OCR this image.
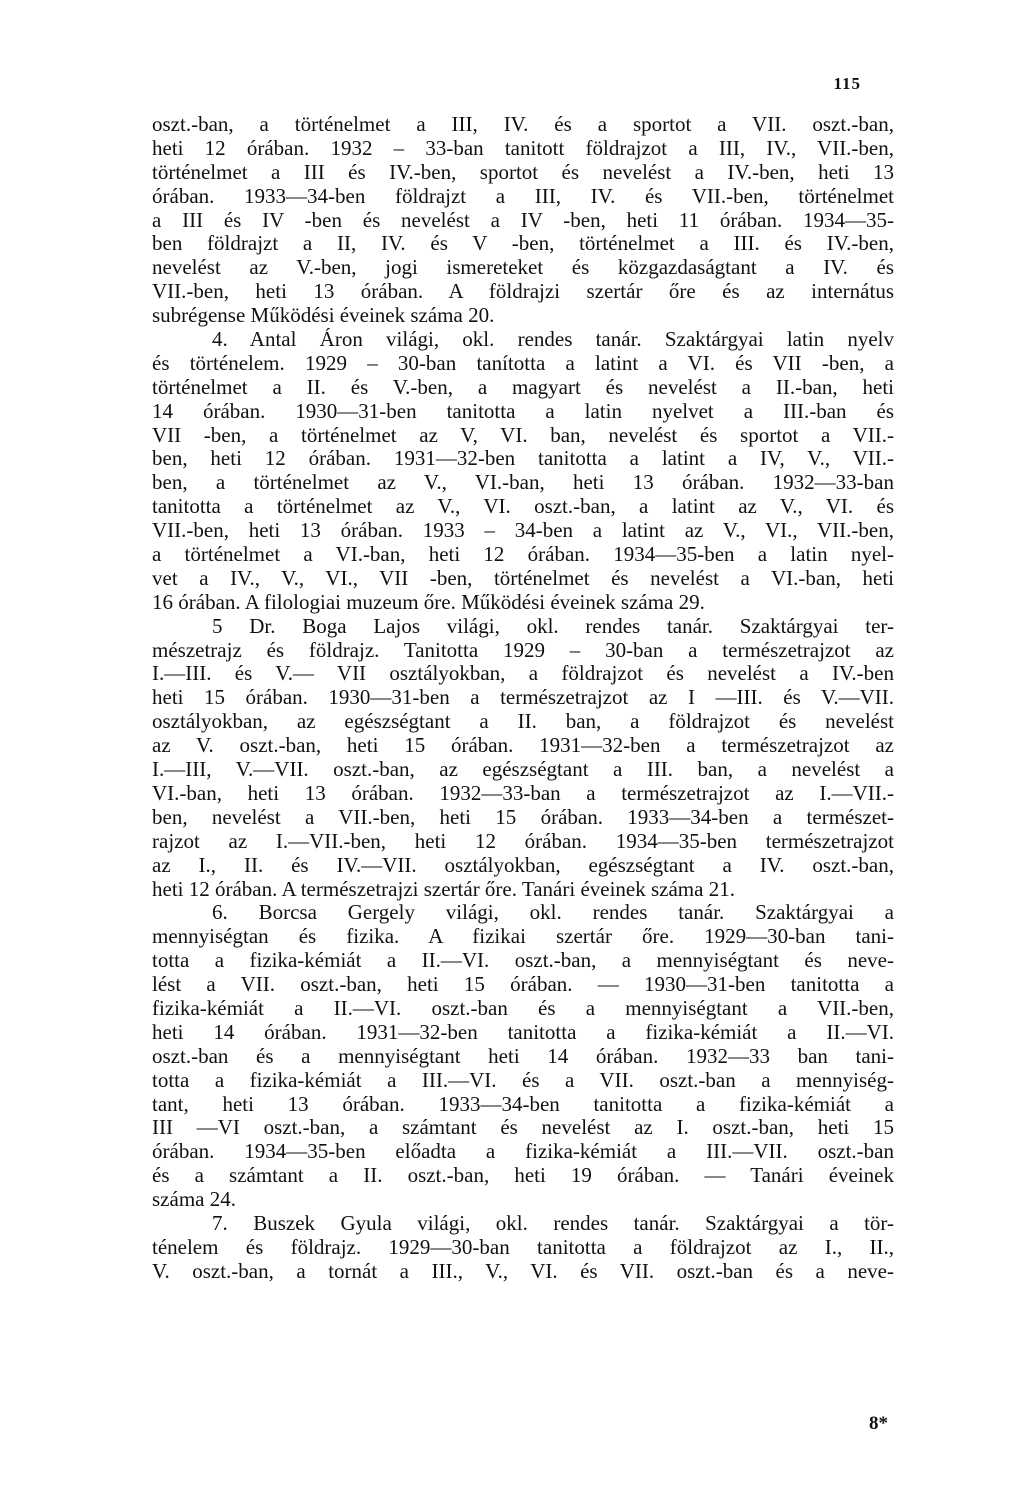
115
oszt.-ban, a történelmet a III, IV. és a sportot a VII. oszt.-ban,
heti 12 órában. 1932 – 33-ban tanitott földrajzot a III, IV., VII.-ben,
történelmet a III és IV.-ben, sportot és nevelést a IV.-ben, heti 13
órában. 1933—34-ben földrajzt a III, IV. és VII.-ben, történelmet
a III és IV -ben és nevelést a IV -ben, heti 11 órában. 1934—35-
ben földrajzt a II, IV. és V -ben, történelmet a III. és IV.-ben,
nevelést az V.-ben, jogi ismereteket és közgazdaságtant a IV. és
VII.-ben, heti 13 órában. A földrajzi szertár őre és az internátus
subrégense Működési éveinek száma 20.
4. Antal Áron világi, okl. rendes tanár. Szaktárgyai latin nyelv
és történelem. 1929 – 30-ban tanította a latint a VI. és VII -ben, a
történelmet a II. és V.-ben, a magyart és nevelést a II.-ban, heti
14 órában. 1930—31-ben tanitotta a latin nyelvet a III.-ban és
VII -ben, a történelmet az V, VI. ban, nevelést és sportot a VII.-
ben, heti 12 órában. 1931—32-ben tanitotta a latint a IV, V., VII.-
ben, a történelmet az V., VI.-ban, heti 13 órában. 1932—33-ban
tanitotta a történelmet az V., VI. oszt.-ban, a latint az V., VI. és
VII.-ben, heti 13 órában. 1933 – 34-ben a latint az V., VI., VII.-ben,
a történelmet a VI.-ban, heti 12 órában. 1934—35-ben a latin nyel-
vet a IV., V., VI., VII -ben, történelmet és nevelést a VI.-ban, heti
16 órában. A filologiai muzeum őre. Működési éveinek száma 29.
5 Dr. Boga Lajos világi, okl. rendes tanár. Szaktárgyai ter-
mészetrajz és földrajz. Tanitotta 1929 – 30-ban a természetrajzot az
I.—III. és V.— VII osztályokban, a földrajzot és nevelést a IV.-ben
heti 15 órában. 1930—31-ben a természetrajzot az I —III. és V.—VII.
osztályokban, az egészségtant a II. ban, a földrajzot és nevelést
az V. oszt.-ban, heti 15 órában. 1931—32-ben a természetrajzot az
I.—III, V.—VII. oszt.-ban, az egészségtant a III. ban, a nevelést a
VI.-ban, heti 13 órában. 1932—33-ban a természetrajzot az I.—VII.-
ben, nevelést a VII.-ben, heti 15 órában. 1933—34-ben a természet-
rajzot az I.—VII.-ben, heti 12 órában. 1934—35-ben természetrajzot
az I., II. és IV.—VII. osztályokban, egészségtant a IV. oszt.-ban,
heti 12 órában. A természetrajzi szertár őre. Tanári éveinek száma 21.
6. Borcsa Gergely világi, okl. rendes tanár. Szaktárgyai a
mennyiségtan és fizika. A fizikai szertár őre. 1929—30-ban tani-
totta a fizika-kémiát a II.—VI. oszt.-ban, a mennyiségtant és neve-
lést a VII. oszt.-ban, heti 15 órában. — 1930—31-ben tanitotta a
fizika-kémiát a II.—VI. oszt.-ban és a mennyiségtant a VII.-ben,
heti 14 órában. 1931—32-ben tanitotta a fizika-kémiát a II.—VI.
oszt.-ban és a mennyiségtant heti 14 órában. 1932—33 ban tani-
totta a fizika-kémiát a III.—VI. és a VII. oszt.-ban a mennyiség-
tant, heti 13 órában. 1933—34-ben tanitotta a fizika-kémiát a
III —VI oszt.-ban, a számtant és nevelést az I. oszt.-ban, heti 15
órában. 1934—35-ben előadta a fizika-kémiát a III.—VII. oszt.-ban
és a számtant a II. oszt.-ban, heti 19 órában. — Tanári éveinek
száma 24.
7. Buszek Gyula világi, okl. rendes tanár. Szaktárgyai a tör-
ténelem és földrajz. 1929—30-ban tanitotta a földrajzot az I., II.,
V. oszt.-ban, a tornát a III., V., VI. és VII. oszt.-ban és a neve-
8*
